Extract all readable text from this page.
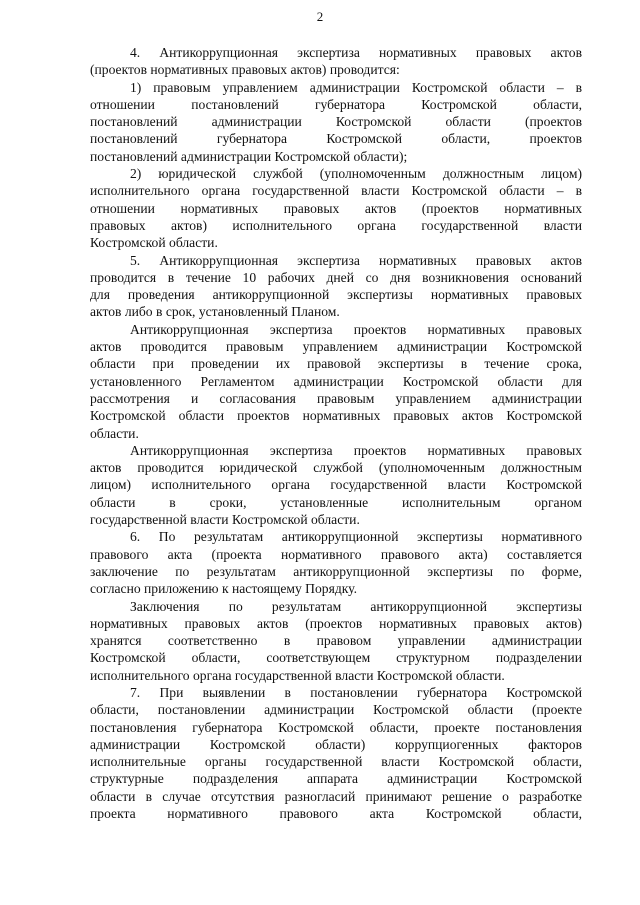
2
4. Антикоррупционная экспертиза нормативных правовых актов
(проектов нормативных правовых актов) проводится:
1) правовым управлением администрации Костромской области – в
отношении постановлений губернатора Костромской области,
постановлений администрации Костромской области (проектов
постановлений губернатора Костромской области, проектов
постановлений администрации Костромской области);
2) юридической службой (уполномоченным должностным лицом)
исполнительного органа государственной власти Костромской области – в
отношении нормативных правовых актов (проектов нормативных
правовых актов) исполнительного органа государственной власти
Костромской области.
5. Антикоррупционная экспертиза нормативных правовых актов
проводится в течение 10 рабочих дней со дня возникновения оснований
для проведения антикоррупционной экспертизы нормативных правовых
актов либо в срок, установленный Планом.
Антикоррупционная экспертиза проектов нормативных правовых
актов проводится правовым управлением администрации Костромской
области при проведении их правовой экспертизы в течение срока,
установленного Регламентом администрации Костромской области для
рассмотрения и согласования правовым управлением администрации
Костромской области проектов нормативных правовых актов Костромской
области.
Антикоррупционная экспертиза проектов нормативных правовых
актов проводится юридической службой (уполномоченным должностным
лицом) исполнительного органа государственной власти Костромской
области в сроки, установленные исполнительным органом
государственной власти Костромской области.
6. По результатам антикоррупционной экспертизы нормативного
правового акта (проекта нормативного правового акта) составляется
заключение по результатам антикоррупционной экспертизы по форме,
согласно приложению к настоящему Порядку.
Заключения по результатам антикоррупционной экспертизы
нормативных правовых актов (проектов нормативных правовых актов)
хранятся соответственно в правовом управлении администрации
Костромской области, соответствующем структурном подразделении
исполнительного органа государственной власти Костромской области.
7. При выявлении в постановлении губернатора Костромской
области, постановлении администрации Костромской области (проекте
постановления губернатора Костромской области, проекте постановления
администрации Костромской области) коррупциогенных факторов
исполнительные органы государственной власти Костромской области,
структурные подразделения аппарата администрации Костромской
области в случае отсутствия разногласий принимают решение о разработке
проекта нормативного правового акта Костромской области,
